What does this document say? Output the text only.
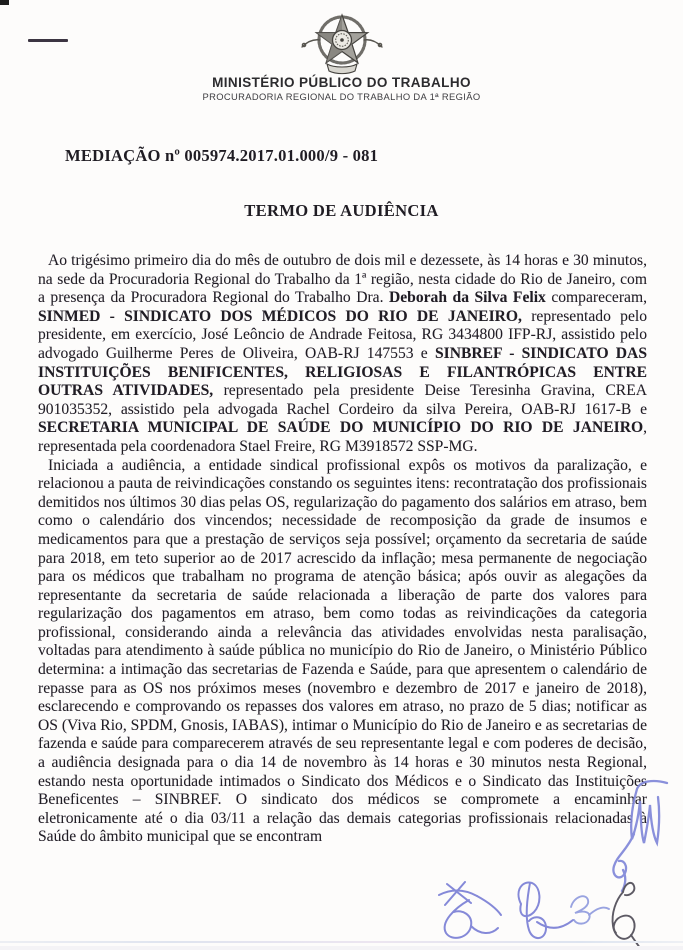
MINISTÉRIO PÚBLICO DO TRABALHO
PROCURADORIA REGIONAL DO TRABALHO DA 1ª REGIÃO
MEDIAÇÃO nº 005974.2017.01.000/9 - 081
TERMO DE AUDIÊNCIA

Ao trigésimo primeiro dia do mês de outubro de dois mil e dezessete, às 14 horas e 30 minutos, na sede da Procuradoria Regional do Trabalho da 1ª região, nesta cidade do Rio de Janeiro, com a presença da Procuradora Regional do Trabalho Dra. Deborah da Silva Felix compareceram, SINMED - SINDICATO DOS MÉDICOS DO RIO DE JANEIRO, representado pelo presidente, em exercício, José Leôncio de Andrade Feitosa, RG 3434800 IFP-RJ, assistido pelo advogado Guilherme Peres de Oliveira, OAB-RJ 147553 e SINBREF - SINDICATO DAS INSTITUIÇÕES BENIFICENTES, RELIGIOSAS E FILANTRÓPICAS ENTRE OUTRAS ATIVIDADES, representado pela presidente Deise Teresinha Gravina, CREA 901035352, assistido pela advogada Rachel Cordeiro da silva Pereira, OAB-RJ 1617-B e SECRETARIA MUNICIPAL DE SAÚDE DO MUNICÍPIO DO RIO DE JANEIRO, representada pela coordenadora Stael Freire, RG M3918572 SSP-MG.

Iniciada a audiência, a entidade sindical profissional expôs os motivos da paralização, e relacionou a pauta de reivindicações constando os seguintes itens: recontratação dos profissionais demitidos nos últimos 30 dias pelas OS, regularização do pagamento dos salários em atraso, bem como o calendário dos vincendos; necessidade de recomposição da grade de insumos e medicamentos para que a prestação de serviços seja possível; orçamento da secretaria de saúde para 2018, em teto superior ao de 2017 acrescido da inflação; mesa permanente de negociação para os médicos que trabalham no programa de atenção básica; após ouvir as alegações da representante da secretaria de saúde relacionada a liberação de parte dos valores para regularização dos pagamentos em atraso, bem como todas as reivindicações da categoria profissional, considerando ainda a relevância das atividades envolvidas nesta paralisação, voltadas para atendimento à saúde pública no município do Rio de Janeiro, o Ministério Público determina: a intimação das secretarias de Fazenda e Saúde, para que apresentem o calendário de repasse para as OS nos próximos meses (novembro e dezembro de 2017 e janeiro de 2018), esclarecendo e comprovando os repasses dos valores em atraso, no prazo de 5 dias; notificar as OS (Viva Rio, SPDM, Gnosis, IABAS), intimar o Município do Rio de Janeiro e as secretarias de fazenda e saúde para comparecerem através de seu representante legal e com poderes de decisão, a audiência designada para o dia 14 de novembro às 14 horas e 30 minutos nesta Regional, estando nesta oportunidade intimados o Sindicato dos Médicos e o Sindicato das Instituições Beneficentes – SINBREF. O sindicato dos médicos se compromete a encaminhar eletronicamente até o dia 03/11 a relação das demais categorias profissionais relacionadas à Saúde do âmbito municipal que se encontram
